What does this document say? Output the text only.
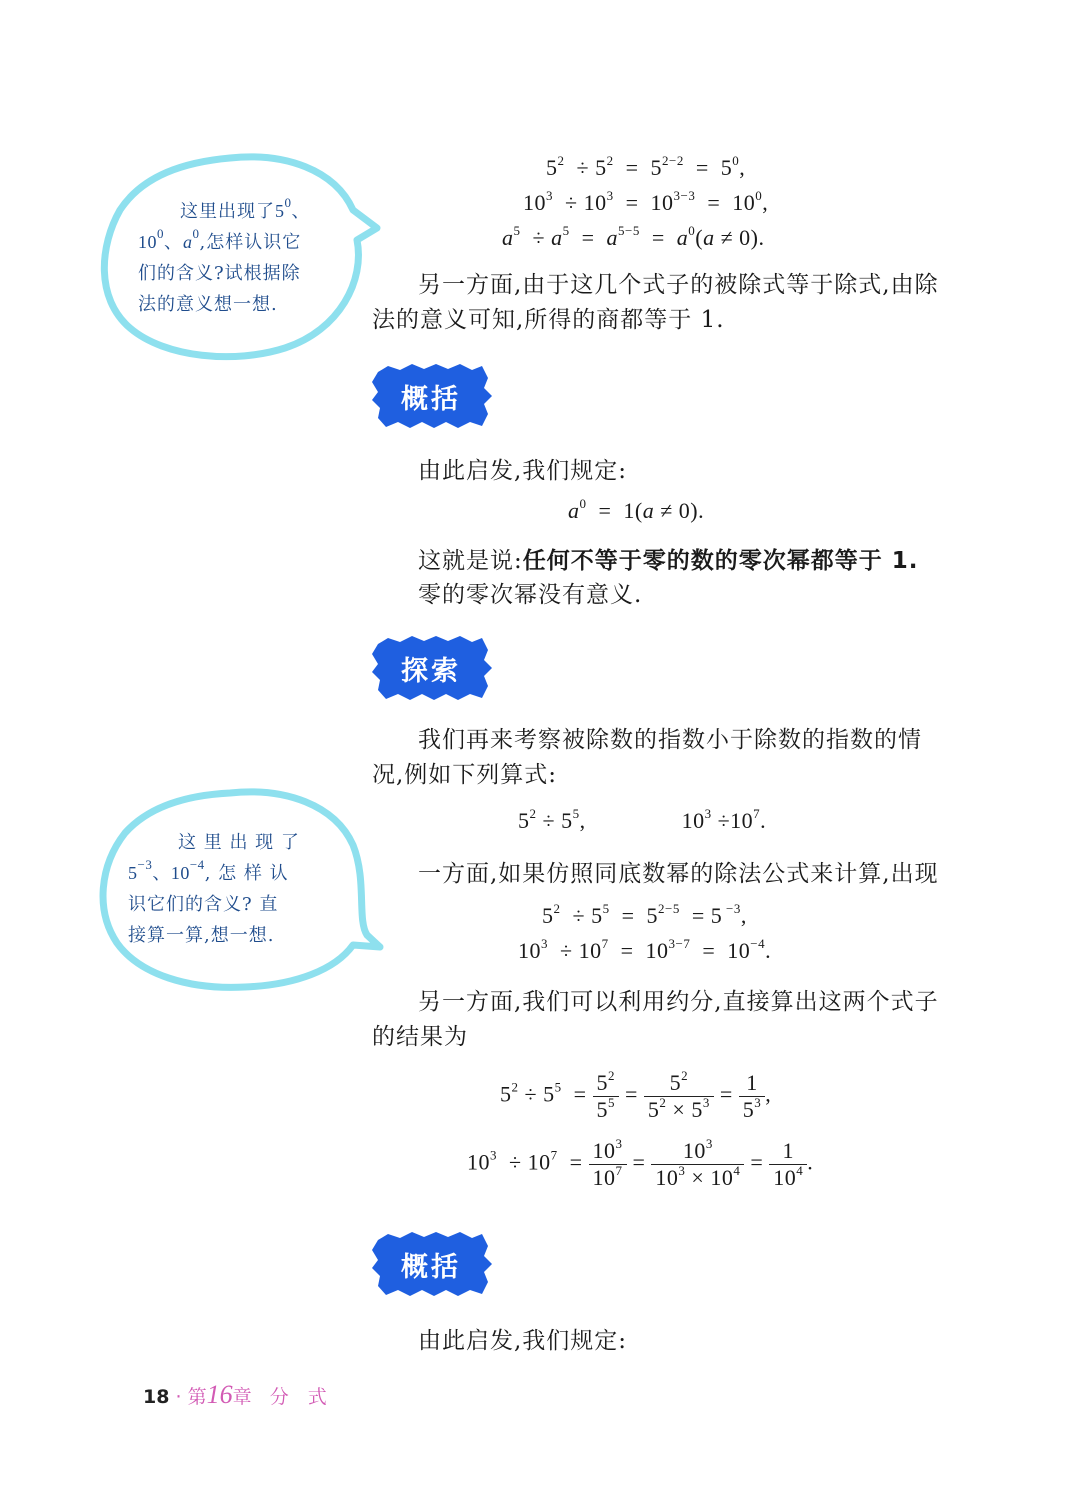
这里出现了$5^0$、
$10^0$、$a^0$,怎样认识它
们的含义?试根据除
法的意义想一想.
$5^2 \div 5^2 = 5^{2-2} = 5^0$,
$10^3 \div 10^3 = 10^{3-3} = 10^0$,
$a^5 \div a^5 = a^{5-5} = a^0(a \ne 0)$.
另一方面,由于这几个式子的被除式等于除式,由除法的意义可知,所得的商都等于 1.
概括
由此启发,我们规定:
$a^0 = 1(a \ne 0)$.
这就是说:任何不等于零的数的零次幂都等于 1.
零的零次幂没有意义.
探索
我们再来考察被除数的指数小于除数的指数的情况,例如下列算式:
$5^2 \div 5^5$,	$10^3 \div 10^7$.
这 里 出 现 了
$5^{-3}$、$10^{-4}$, 怎 样 认
识它们的含义? 直
接算一算,想一想.
一方面,如果仿照同底数幂的除法公式来计算,出现
$5^2 \div 5^5 = 5^{2-5} = 5$ $^{-3}$,
$10^3 \div 10^7 = 10^{3-7} = 10^{-4}$.
另一方面,我们可以利用约分,直接算出这两个式子的结果为
$5^2 \div 5^5 = \frac{5^2}{5^5} = \frac{5^2}{5^2 \times 5^3} = \frac{1}{5^3}$ ,
$10^3 \div 10^7 = \frac{10^3}{10^7} = \frac{10^3}{10^3 \times 10^4} = \frac{1}{10^4}$ .
概括
由此启发,我们规定:
18 · 第16章 分　式
